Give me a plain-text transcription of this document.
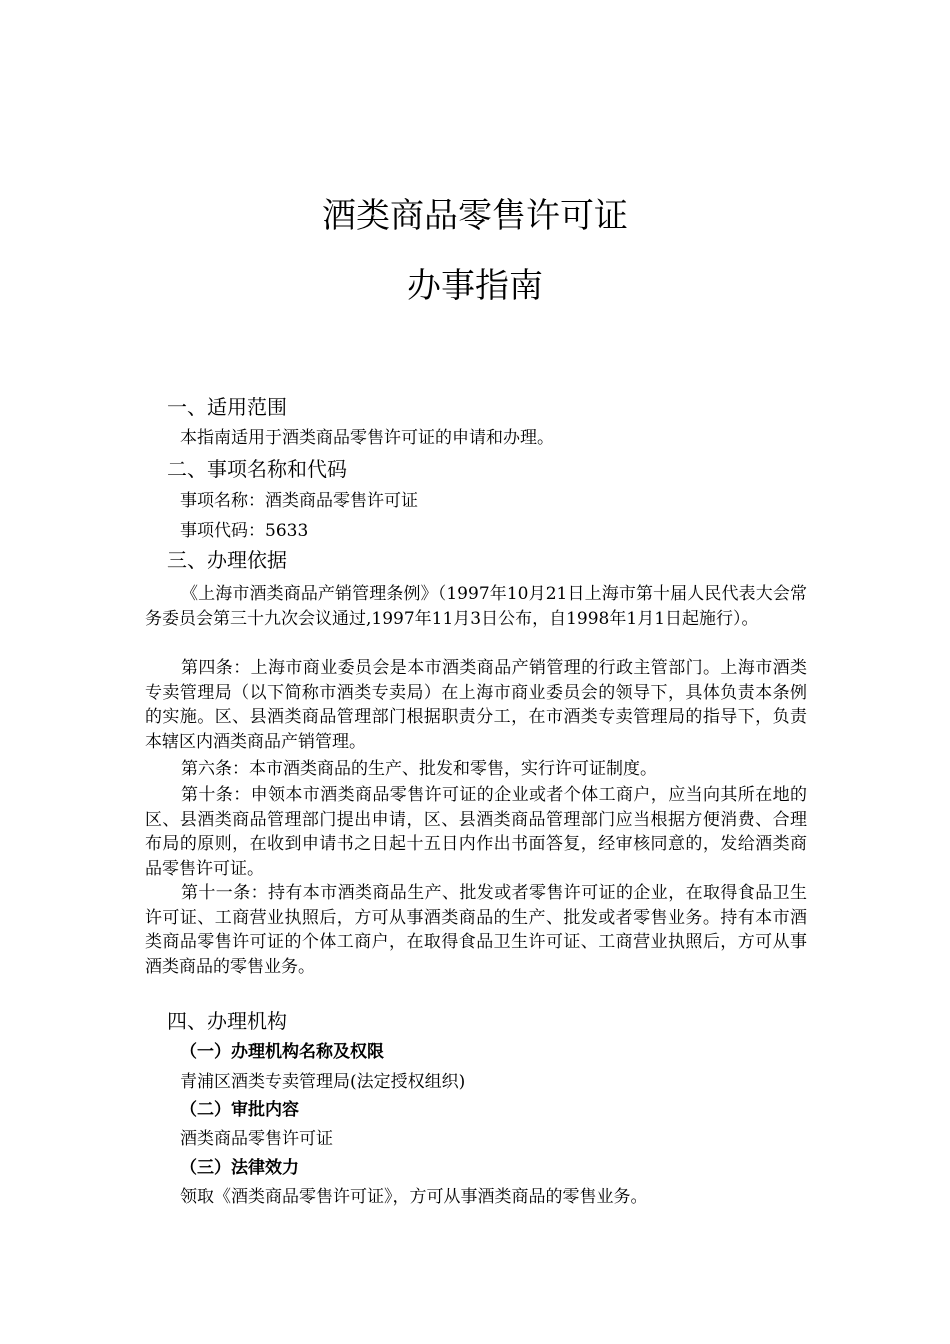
酒类商品零售许可证
办事指南
一、适用范围
本指南适用于酒类商品零售许可证的申请和办理。
二、事项名称和代码
事项名称：酒类商品零售许可证
事项代码：5633
三、办理依据

《上海市酒类商品产销管理条例》（1997年10月21日上海市第十届人民代表大会常务委员会第三十九次会议通过,1997年11月3日公布，自1998年1月1日起施行）。

第四条：上海市商业委员会是本市酒类商品产销管理的行政主管部门。上海市酒类专卖管理局（以下简称市酒类专卖局）在上海市商业委员会的领导下，具体负责本条例的实施。区、县酒类商品管理部门根据职责分工，在市酒类专卖管理局的指导下，负责本辖区内酒类商品产销管理。

第六条：本市酒类商品的生产、批发和零售，实行许可证制度。

第十条：申领本市酒类商品零售许可证的企业或者个体工商户，应当向其所在地的区、县酒类商品管理部门提出申请，区、县酒类商品管理部门应当根据方便消费、合理布局的原则，在收到申请书之日起十五日内作出书面答复，经审核同意的，发给酒类商品零售许可证。

第十一条：持有本市酒类商品生产、批发或者零售许可证的企业，在取得食品卫生许可证、工商营业执照后，方可从事酒类商品的生产、批发或者零售业务。持有本市酒类商品零售许可证的个体工商户，在取得食品卫生许可证、工商营业执照后，方可从事酒类商品的零售业务。

四、办理机构
（一）办理机构名称及权限
青浦区酒类专卖管理局(法定授权组织)
（二）审批内容
酒类商品零售许可证
（三）法律效力
领取《酒类商品零售许可证》，方可从事酒类商品的零售业务。
